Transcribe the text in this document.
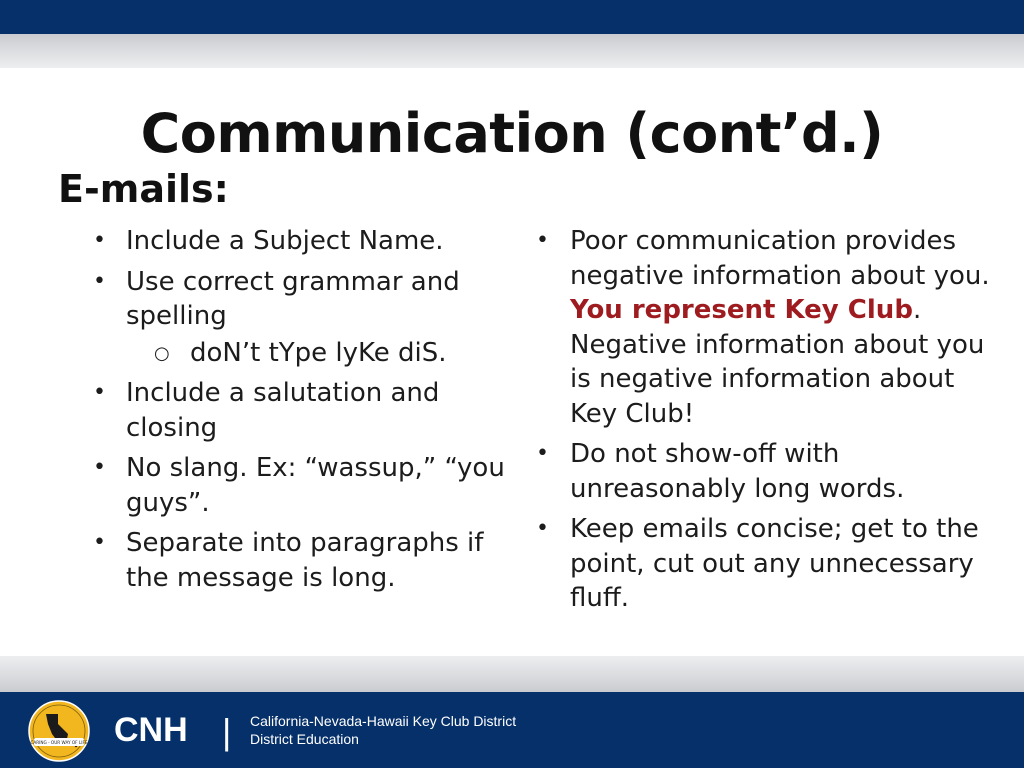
Communication (cont’d.)
E-mails:
• Include a Subject Name.
• Use correct grammar and spelling
○ doN’t tYpe lyKe diS.
• Include a salutation and closing
• No slang. Ex: “wassup,” “you guys”.
• Separate into paragraphs if the message is long.
• Poor communication provides negative information about you. You represent Key Club. Negative information about you is negative information about Key Club!
• Do not show-off with unreasonably long words.
• Keep emails concise; get to the point, cut out any unnecessary fluff.
CARING - OUR WAY OF LIFE CNH | California-Nevada-Hawaii Key Club District
District Education
